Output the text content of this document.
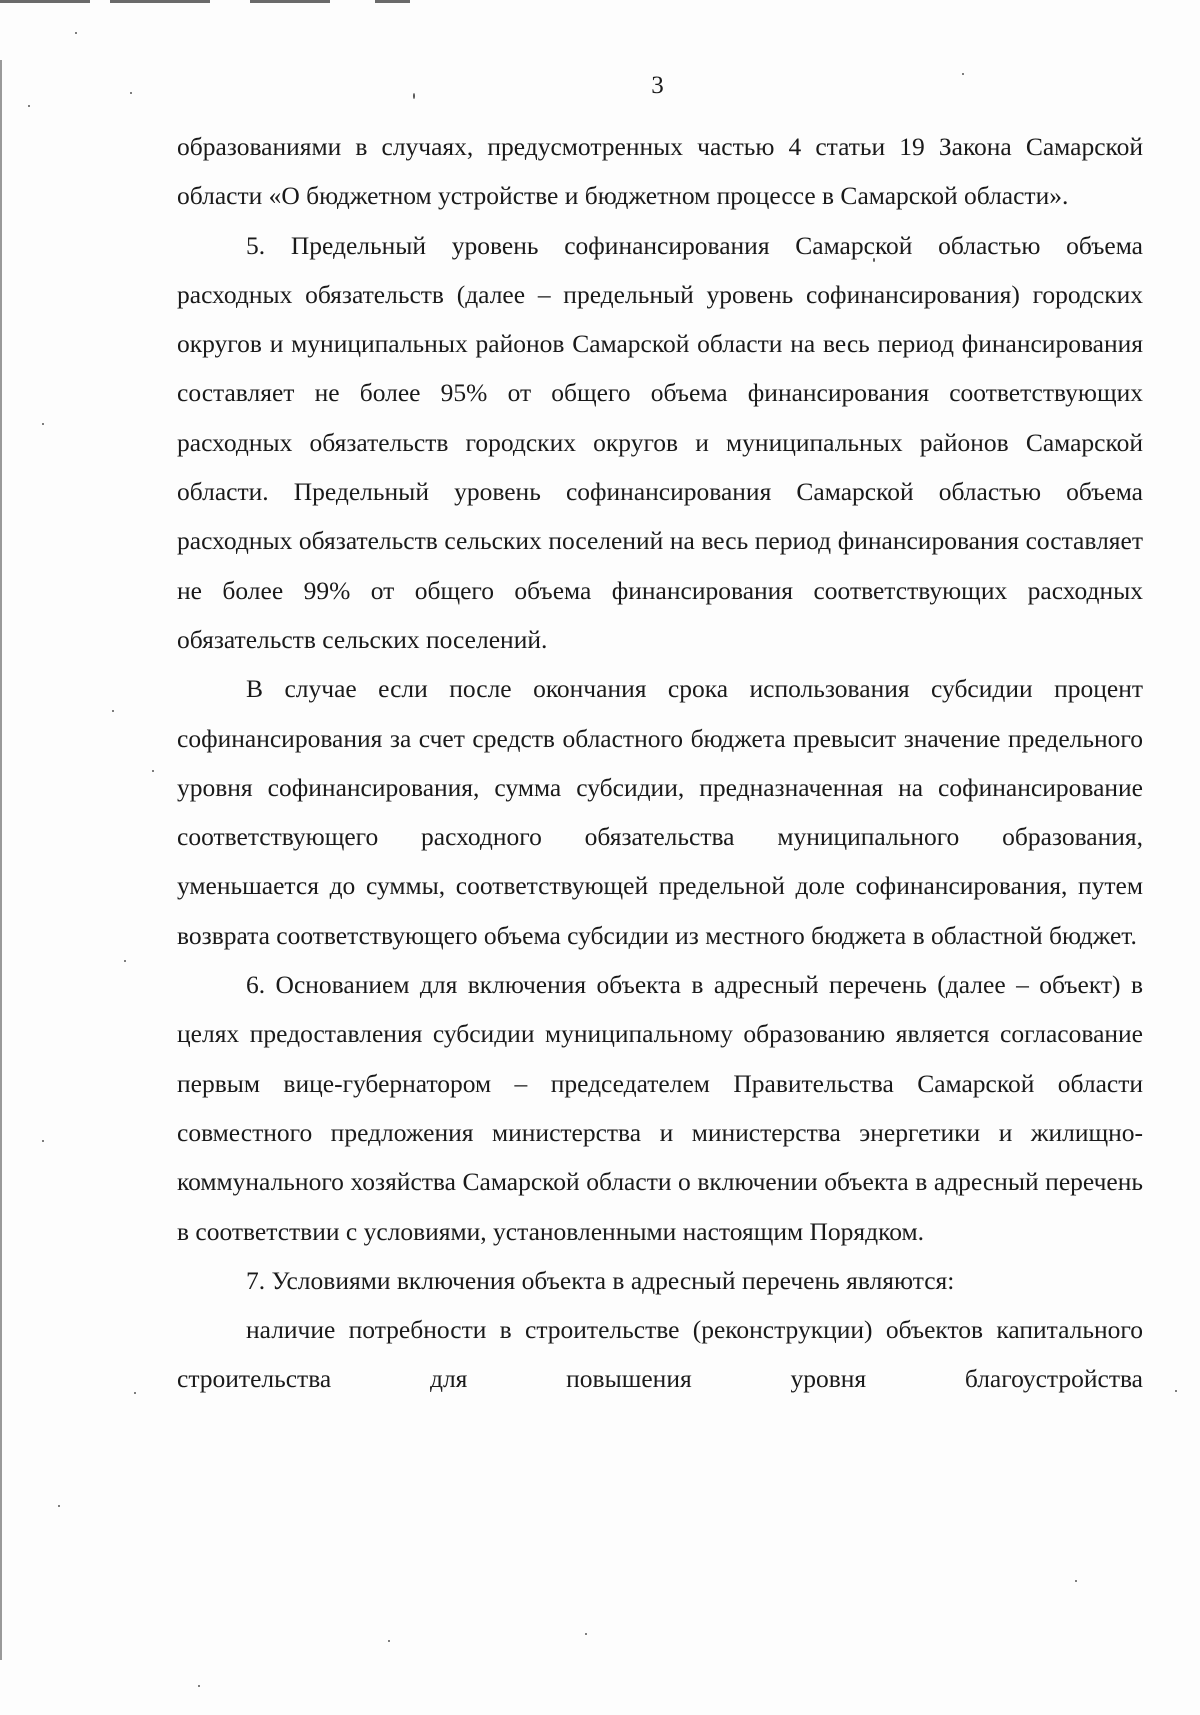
3

образованиями в случаях, предусмотренных частью 4 статьи 19 Закона Самарской области «О бюджетном устройстве и бюджетном процессе в Самарской области».

5. Предельный уровень софинансирования Самарской областью объема расходных обязательств (далее – предельный уровень софинансирования) городских округов и муниципальных районов Самарской области на весь период финансирования составляет не более 95% от общего объема финансирования соответствующих расходных обязательств городских округов и муниципальных районов Самарской области. Предельный уровень софинансирования Самарской областью объема расходных обязательств сельских поселений на весь период финансирования составляет не более 99% от общего объема финансирования соответствующих расходных обязательств сельских поселений.

В случае если после окончания срока использования субсидии процент софинансирования за счет средств областного бюджета превысит значение предельного уровня софинансирования, сумма субсидии, предназначенная на софинансирование соответствующего расходного обязательства муниципального образования, уменьшается до суммы, соответствующей предельной доле софинансирования, путем возврата соответствующего объема субсидии из местного бюджета в областной бюджет.

6. Основанием для включения объекта в адресный перечень (далее – объект) в целях предоставления субсидии муниципальному образованию является согласование первым вице-губернатором – председателем Правительства Самарской области совместного предложения министерства и министерства энергетики и жилищно-коммунального хозяйства Самарской области о включении объекта в адресный перечень в соответствии с условиями, установленными настоящим Порядком.

7. Условиями включения объекта в адресный перечень являются:

наличие потребности в строительстве (реконструкции) объектов капитального строительства для повышения уровня благоустройства
